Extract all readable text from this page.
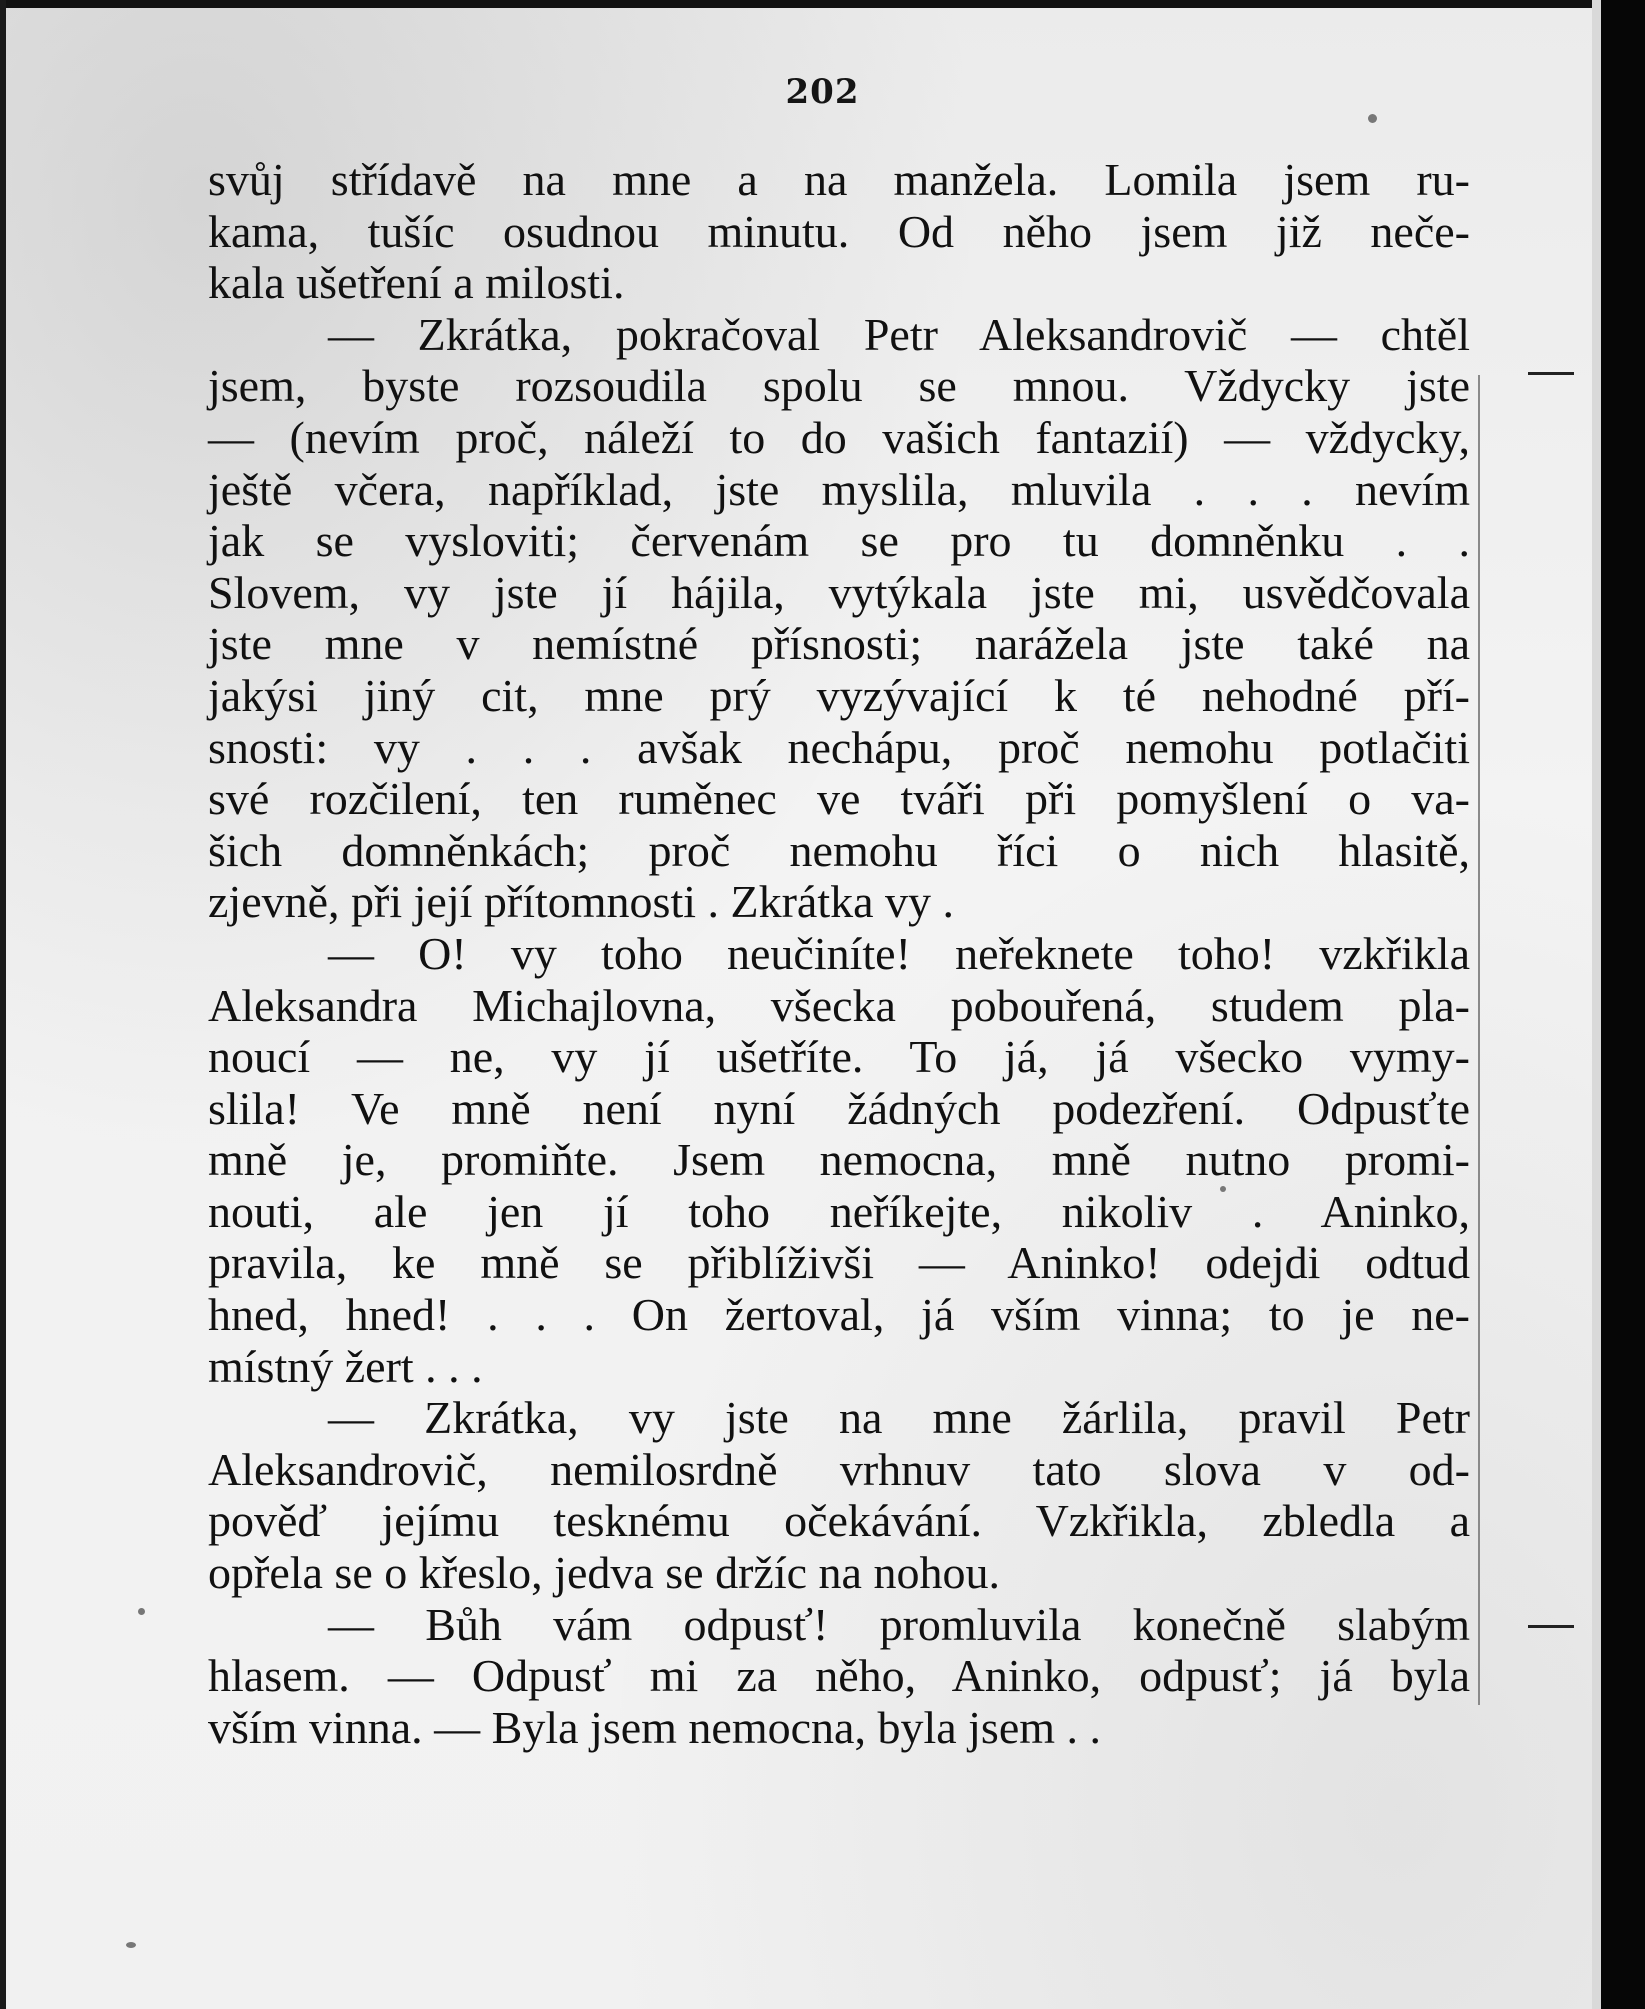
202
svůj střídavě na mne a na manžela. Lomila jsem ru-
kama, tušíc osudnou minutu. Od něho jsem již neče-
kala ušetření a milosti.
— Zkrátka, pokračoval Petr Aleksandrovič — chtěl
jsem, byste rozsoudila spolu se mnou. Vždycky jste
— (nevím proč, náleží to do vašich fantazií) — vždycky,
ještě včera, například, jste myslila, mluvila . . . nevím
jak se vysloviti; červenám se pro tu domněnku . .
Slovem, vy jste jí hájila, vytýkala jste mi, usvědčovala
jste mne v nemístné přísnosti; narážela jste také na
jakýsi jiný cit, mne prý vyzývající k té nehodné pří-
snosti: vy . . . avšak nechápu, proč nemohu potlačiti
své rozčilení, ten ruměnec ve tváři při pomyšlení o va-
šich domněnkách; proč nemohu říci o nich hlasitě,
zjevně, při její přítomnosti . Zkrátka vy .
— O! vy toho neučiníte! neřeknete toho! vzkřikla
Aleksandra Michajlovna, všecka pobouřená, studem pla-
noucí — ne, vy jí ušetříte. To já, já všecko vymy-
slila! Ve mně není nyní žádných podezření. Odpusťte
mně je, promiňte. Jsem nemocna, mně nutno promi-
nouti, ale jen jí toho neříkejte, nikoliv . Aninko,
pravila, ke mně se přiblíživši — Aninko! odejdi odtud
hned, hned! . . . On žertoval, já vším vinna; to je ne-
místný žert . . .
— Zkrátka, vy jste na mne žárlila, pravil Petr
Aleksandrovič, nemilosrdně vrhnuv tato slova v od-
pověď jejímu tesknému očekávání. Vzkřikla, zbledla a
opřela se o křeslo, jedva se držíc na nohou.
— Bůh vám odpusť! promluvila konečně slabým
hlasem. — Odpusť mi za něho, Aninko, odpusť; já byla
vším vinna. — Byla jsem nemocna, byla jsem . .
